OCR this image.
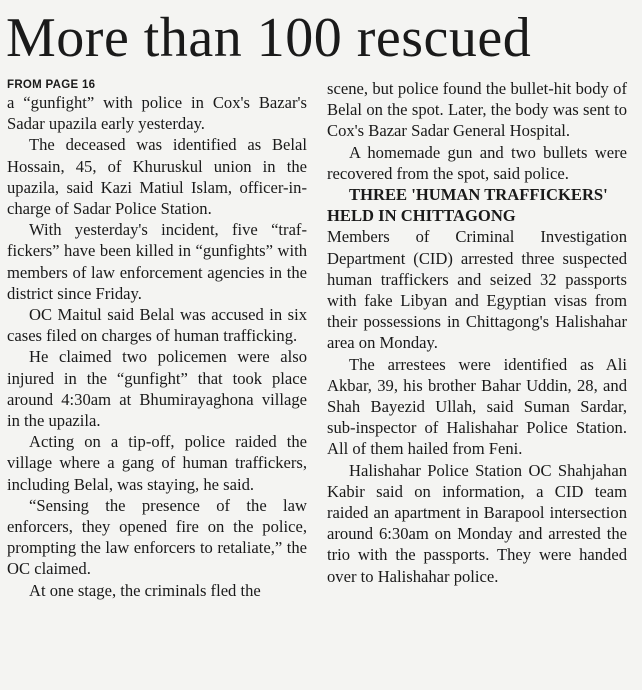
More than 100 rescued
FROM PAGE 16

a “gunfight” with police in Cox's Bazar's Sadar upazila early yesterday.

The deceased was identified as Belal Hossain, 45, of Khuruskul union in the upazila, said Kazi Matiul Islam, officer-in-charge of Sadar Police Station.

With yesterday's incident, five “traffickers” have been killed in “gunfights” with members of law enforcement agencies in the district since Friday.

OC Maitul said Belal was accused in six cases filed on charges of human trafficking.

He claimed two policemen were also injured in the “gunfight” that took place around 4:30am at Bhumirayaghona village in the upazila.

Acting on a tip-off, police raided the village where a gang of human traffickers, including Belal, was staying, he said.

“Sensing the presence of the law enforcers, they opened fire on the police, prompting the law enforcers to retaliate,” the OC claimed.

At one stage, the criminals fled the

scene, but police found the bullet-hit body of Belal on the spot. Later, the body was sent to Cox's Bazar Sadar General Hospital.

A homemade gun and two bullets were recovered from the spot, said police.

THREE 'HUMAN TRAFFICKERS' HELD IN CHITTAGONG

Members of Criminal Investigation Department (CID) arrested three suspected human traffickers and seized 32 passports with fake Libyan and Egyptian visas from their possessions in Chittagong's Halishahar area on Monday.

The arrestees were identified as Ali Akbar, 39, his brother Bahar Uddin, 28, and Shah Bayezid Ullah, said Suman Sardar, sub-inspector of Halishahar Police Station. All of them hailed from Feni.

Halishahar Police Station OC Shahjahan Kabir said on information, a CID team raided an apartment in Barapool intersection around 6:30am on Monday and arrested the trio with the passports. They were handed over to Halishahar police.
